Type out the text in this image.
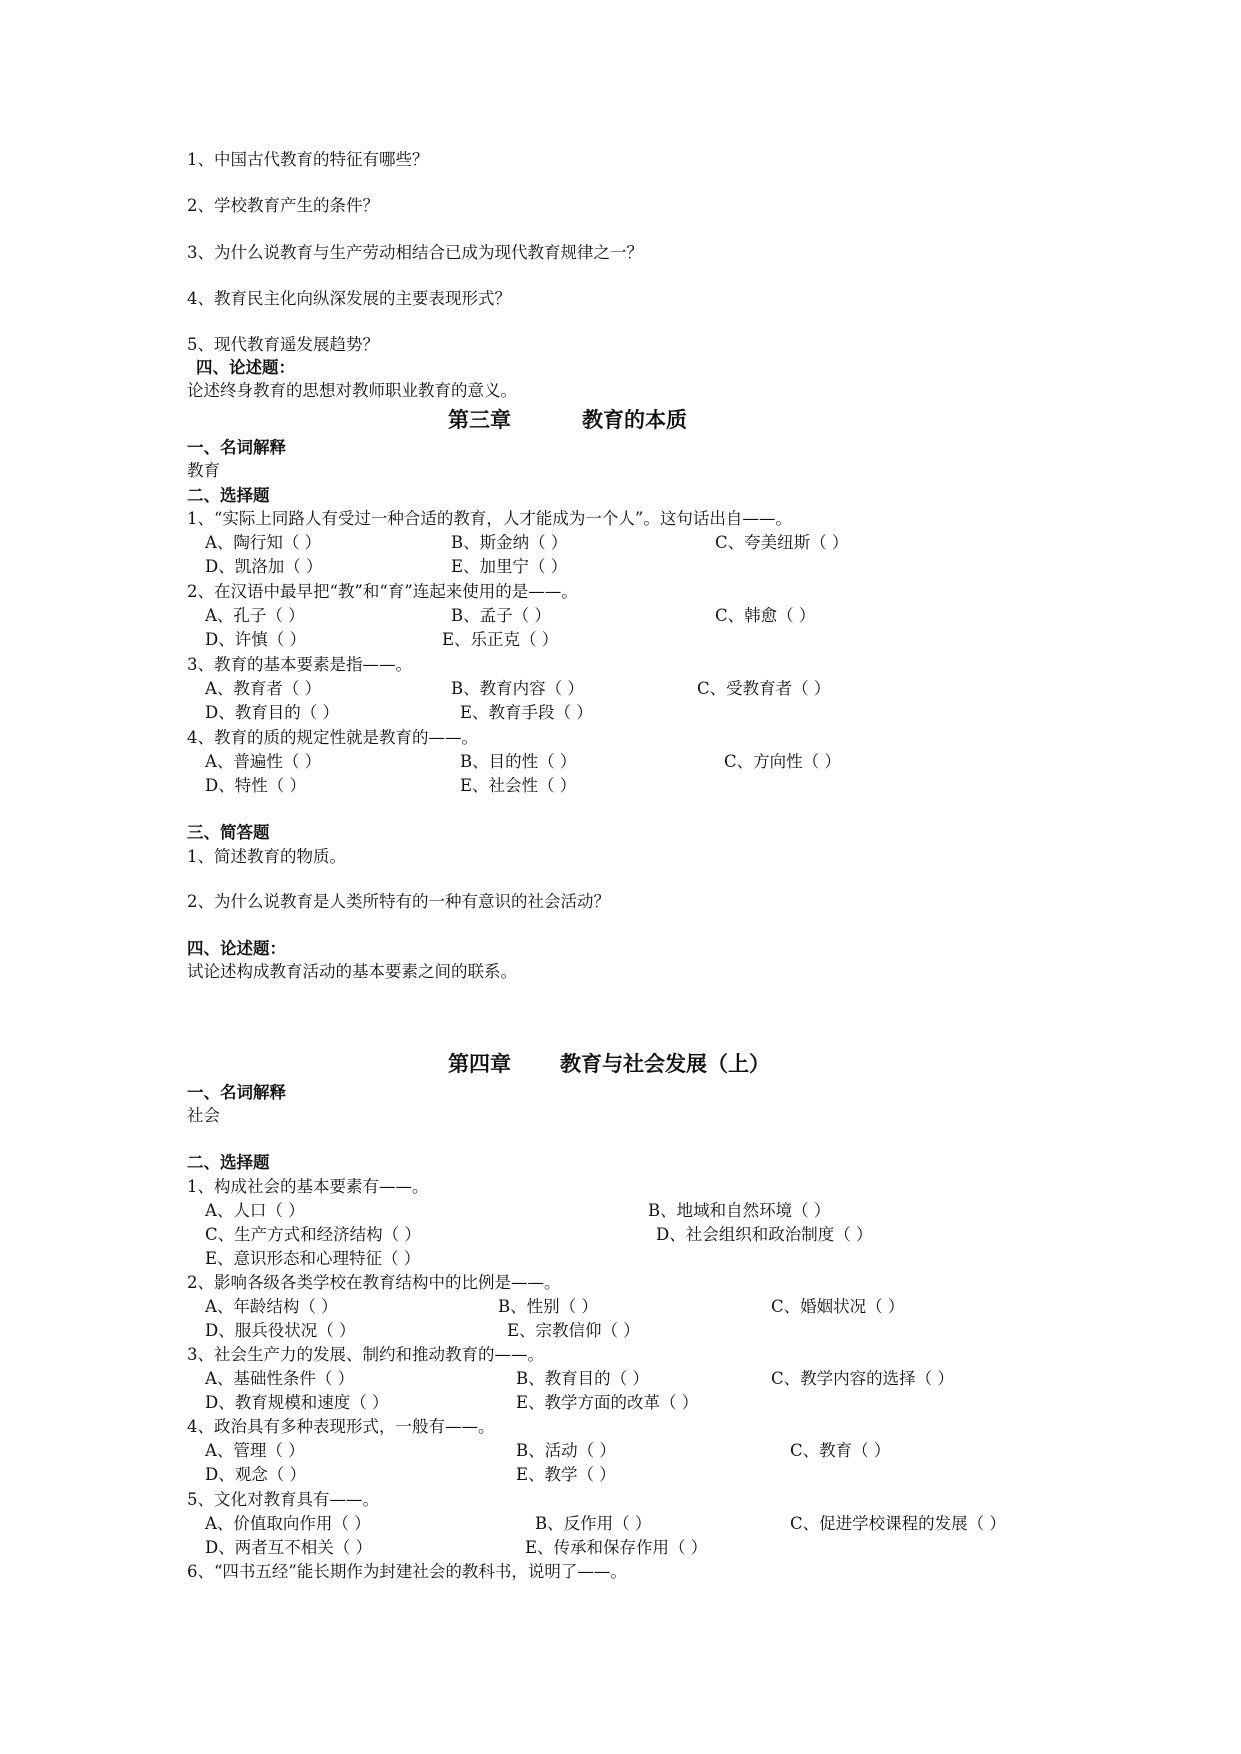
1、中国古代教育的特征有哪些？
2、学校教育产生的条件？
3、为什么说教育与生产劳动相结合已成为现代教育规律之一？
4、教育民主化向纵深发展的主要表现形式？
5、现代教育遥发展趋势？
四、论述题：
论述终身教育的思想对教师职业教育的意义。
第三章	教育的本质
一、名词解释
教育
二、选择题
1、“实际上同路人有受过一种合适的教育，人才能成为一个人”。这句话出自——。
A、陶行知（ ）	B、斯金纳（ ）	C、夸美纽斯（ ）
D、凯洛加（ ）	E、加里宁（ ）
2、在汉语中最早把“教”和“育”连起来使用的是——。
A、孔子（ ）	B、孟子（ ）	C、韩愈（ ）
D、许慎（ ）	E、乐正克（ ）
3、教育的基本要素是指——。
A、教育者（ ）	B、教育内容（ ）	C、受教育者（ ）
D、教育目的（ ）	E、教育手段（ ）
4、教育的质的规定性就是教育的——。
A、普遍性（ ）	B、目的性（ ）	C、方向性（ ）
D、特性（ ）	E、社会性（ ）
三、简答题
1、简述教育的物质。
2、为什么说教育是人类所特有的一种有意识的社会活动？
四、论述题：
试论述构成教育活动的基本要素之间的联系。
第四章 教育与社会发展（上）
一、名词解释
社会
二、选择题
1、构成社会的基本要素有——。
A、人口（ ）	B、地域和自然环境（ ）
C、生产方式和经济结构（ ）	D、社会组织和政治制度（ ）
E、意识形态和心理特征（ ）
2、影响各级各类学校在教育结构中的比例是——。
A、年龄结构（ ）	B、性别（ ）	C、婚姻状况（ ）
D、服兵役状况（ ）	E、宗教信仰（ ）
3、社会生产力的发展、制约和推动教育的——。
A、基础性条件（ ）	B、教育目的（ ）	C、教学内容的选择（ ）
D、教育规模和速度（ ）	E、教学方面的改革（ ）
4、政治具有多种表现形式，一般有——。
A、管理（ ）	B、活动（ ）	C、教育（ ）
D、观念（ ）	E、教学（ ）
5、文化对教育具有——。
A、价值取向作用（ ）	B、反作用（ ）	C、促进学校课程的发展（ ）
D、两者互不相关（ ）	E、传承和保存作用（ ）
6、“四书五经”能长期作为封建社会的教科书，说明了——。
